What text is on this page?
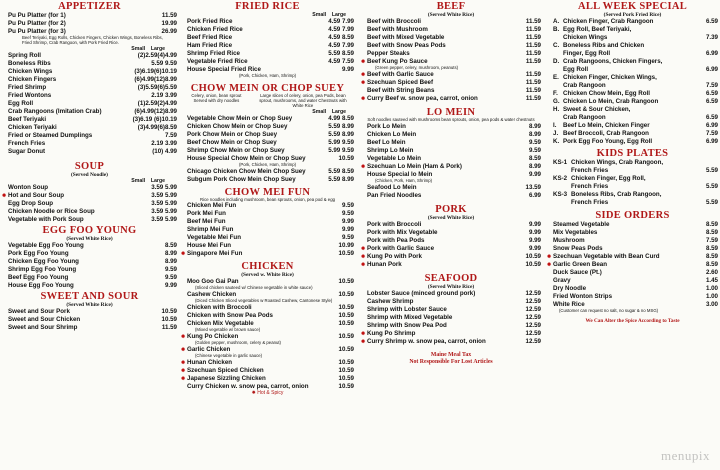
APPETIZER
Pu Pu Platter (for 1)	11.59
Pu Pu Platter (for 2)	19.99
Pu Pu Platter (for 3)	26.99
Beef Teriyaki, Egg Rolls, Chicken Fingers, Chicken Wings, Boneless Ribs, Fried Shrimp, Crab Rangoon, with Pork Fried Rice.
Small    Large
Spring Roll	(2)2.59(4)4.99
Boneless Ribs	5.59 9.59
Chicken Wings	(3)6.19(6)10.19
Chicken Fingers	(6)4.99(12)8.99
Fried Shrimp	(3)5.59(6)5.59
Fried Wontons	2.19 3.99
Egg Roll	(1)2.59(2)4.99
Crab Rangoons (Imitation Crab)	(6)4.99(12)8.99
Beef Teriyaki	(3)6.19 (6)10.19
Chicken Teriyaki	(3)4.99(6)8.59
Fried or Steamed Dumplings	7.59
French Fries	2.19 3.99
Sugar Donut	(10) 4.99
SOUP
(Served Noodle)
Small    Large
Wonton Soup	3.59 5.99
✹
Hot and Sour Soup	3.59 5.99
Egg Drop Soup	3.59 5.99
Chicken Noodle or Rice Soup	3.59 5.99
Vegetable with Pork Soup	3.59 5.99
EGG FOO YOUNG
(Served White Rice)
Vegetable Egg Foo Young	8.59
Pork Egg Foo Young	8.99
Chicken Egg Foo Young	8.99
Shrimp Egg Foo Young	9.59
Beef Egg Foo Young	9.59
House Egg Foo Young	9.99
SWEET AND SOUR
(Served White Rice)
Sweet and Sour Pork	10.59
Sweet and Sour Chicken	10.59
Sweet and Sour Shrimp	11.59
FRIED RICE
Small    Large
Pork Fried Rice	4.59 7.99
Chicken Fried Rice	4.59 7.99
Beef Fried Rice	4.59 8.59
Ham Fried Rice	4.59 7.99
Shrimp Fried Rice	5.59 8.59
Vegetable Fried Rice	4.59 7.59
House Special Fried Rice	9.99
(Pork, Chicken, Ham, Shrimp)
CHOW MEIN OR CHOP SUEY
Celery, onion, bean sprout Served with dry noodles
Large slices of celery, onion, pea Pods, bean sprout, mushrooms, and water Chestnuts with White Rice
Small    Large
Vegetable Chow Mein or Chop Suey	4.99 8.59
Chicken Chow Mein or Chop Suey	5.59 8.99
Pork Chow Mein or Chop Suey	5.59 8.99
Beef Chow Mein or Chop Suey	5.99 9.59
Shrimp Chow Mein or Chop Suey	5.99 9.59
House Special Chow Mein or Chop Suey	10.59
(Pork, Chicken, Ham, Shrimp)
Chicago Chicken Chow Mein Chop Suey	5.59 8.59
Subgum Pork Chow Mein Chop Suey	5.59 8.99
CHOW MEI FUN
Rice noodles including mushroom, bean sprouts, onion, pea pod & egg
Chicken Mei Fun	9.59
Pork Mei Fun	9.59
Beef Mei Fun	9.99
Shrimp Mei Fun	9.99
Vegetable Mei Fun	9.59
House Mei Fun	10.99
✹
Singapore Mei Fun	10.59
CHICKEN
(Served w. White Rice)
Moo Goo Gai Pan	10.59
(Sliced chicken sauteed w/ Chinese vegetable in white sauce)
Cashew Chicken	10.59
(Diced Chicken Sliced vegetables w Roasted Cashew, Cantonese Style)
Chicken with Broccoli	10.59
Chicken with Snow Pea Pods	10.59
Chicken Mix Vegetable	10.59
(Mixed vegetable w/ brown sauce)
✹
Kung Po Chicken	10.59
(Golden pepper, mushroom, celery & peanut)
✹
Garlic Chicken	10.59
(Chinese vegetable in garlic sauce)
✹
Hunan Chicken	10.59
✹
Szechuan Spiced Chicken	10.59
✹
Japanese Sizzling Chicken	10.59
Curry Chicken w. snow pea, carrot, onion	10.59
✹ Hot & Spicy
BEEF
(Served White Rice)
Beef with Broccoli	11.59
Beef with Mushroom	11.59
Beef with Mixed Vegetable	11.59
Beef with Snow Peas Pods	11.59
Pepper Steaks	11.59
✹
Beef Kung Po Sauce	11.59
(Green pepper, celery, mushroom, peanuts)
✹
Beef with Garlic Sauce	11.59
✹
Szechuan Spiced Beef	11.59
Beef with String Beans	11.59
✹
Curry Beef w. snow pea, carrot, onion	11.59
LO MEIN
Soft noodles sauteed with mushrooms bean sprouts, onion, pea pods & water chestnuts
Pork Lo Mein	8.99
Chicken Lo Mein	8.99
Beef Lo Mein	9.59
Shrimp Lo Mein	9.59
Vegetable Lo Mein	8.59
✹
Szechuan Lo Mein (Ham & Pork)	8.99
House Special lo Mein	9.99
(Chicken, Pork, Ham, Shrimp)
Seafood Lo Mein	13.59
Pan Fried Noodles	6.99
PORK
(Served White Rice)
Pork with Broccoli	9.99
Pork with Mix Vegetable	9.99
Pork with Pea Pods	9.99
✹
Pork with Garlic Sauce	9.99
✹
Kung Po with Pork	10.59
✹
Hunan Pork	10.59
SEAFOOD
(Served White Rice)
Lobster Sauce (minced ground pork)	12.59
Cashew Shrimp	12.59
Shrimp with Lobster Sauce	12.59
Shrimp with Mixed Vegetable	12.59
Shrimp with Snow Pea Pod	12.59
✹
Kung Po Shrimp	12.59
✹
Curry Shrimp w. snow pea, carrot, onion	12.59
Maine Meal Tax
Not Responsible For Lost Articles
ALL WEEK SPECIAL
(Served Pork Fried Rice)
A. Chicken Finger, Crab Rangoon	6.59
B. Egg Roll, Beef Teriyaki,
Chicken Wings	7.39
C. Boneless Ribs and Chicken
Finger, Egg Roll	6.99
D. Crab Rangoons, Chicken Fingers,
Egg Roll	6.99
E. Chicken Finger, Chicken Wings,
Crab Rangoon	7.59
F. Chicken Chow Mein, Egg Roll	6.59
G. Chicken Lo Mein, Crab Rangoon	6.59
H. Sweet & Sour Chicken,
Crab Rangoon	6.59
I.	Beef Lo Mein, Chicken Finger	6.99
J. Beef Broccoli, Crab Rangoon	7.59
K. Pork Egg Foo Young, Egg Roll	6.99
KIDS PLATES
KS-1 Chicken Wings, Crab Rangoon,
French Fries	5.59
KS-2 Chicken Finger, Egg Roll,
French Fries	5.59
KS-3 Boneless Ribs, Crab Rangoon,
French Fries	5.59
SIDE ORDERS
Steamed Vegetable	8.59
Mix Vegetables	8.59
Mushroom	7.59
Snow Peas Pods	8.59
✹
Szechuan Vegetable with Bean Curd	8.59
✹
Garlic Green Bean	8.59
Duck Sauce (Pt.)	2.60
Gravy	1.45
Dry Noodle	1.00
Fried Wonton Strips	1.00
White Rice	3.00
(Customer can request no salt, no sugar & no MSG)
We Can Alter the Spice According to Taste
menupix
